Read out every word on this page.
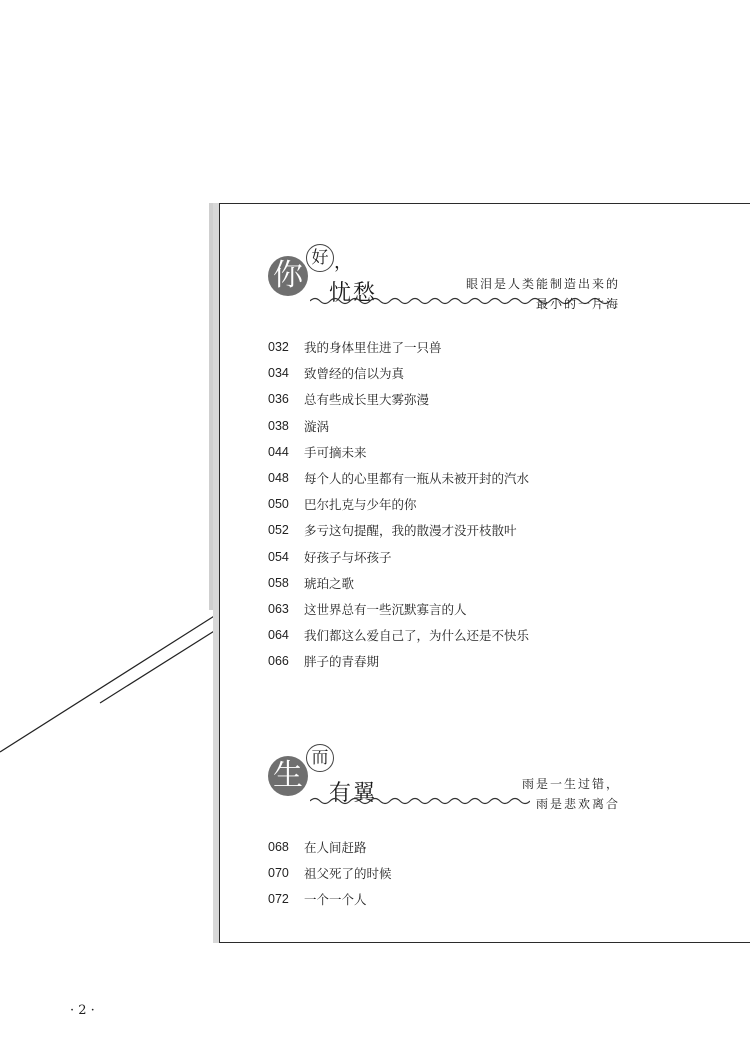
你 好 ，
忧愁	眼泪是人类能制造出来的
最小的一片海
032	我的身体里住进了一只兽
034	致曾经的信以为真
036	总有些成长里大雾弥漫
038	漩涡
044	手可摘未来
048	每个人的心里都有一瓶从未被开封的汽水
050	巴尔扎克与少年的你
052	多亏这句提醒，我的散漫才没开枝散叶
054	好孩子与坏孩子
058	琥珀之歌
063	这世界总有一些沉默寡言的人
064	我们都这么爱自己了，为什么还是不快乐
066	胖子的青春期
生 而
有翼	雨是一生过错，
雨是悲欢离合
068	在人间赶路
070	祖父死了的时候
072	一个一个人
· 2 ·
